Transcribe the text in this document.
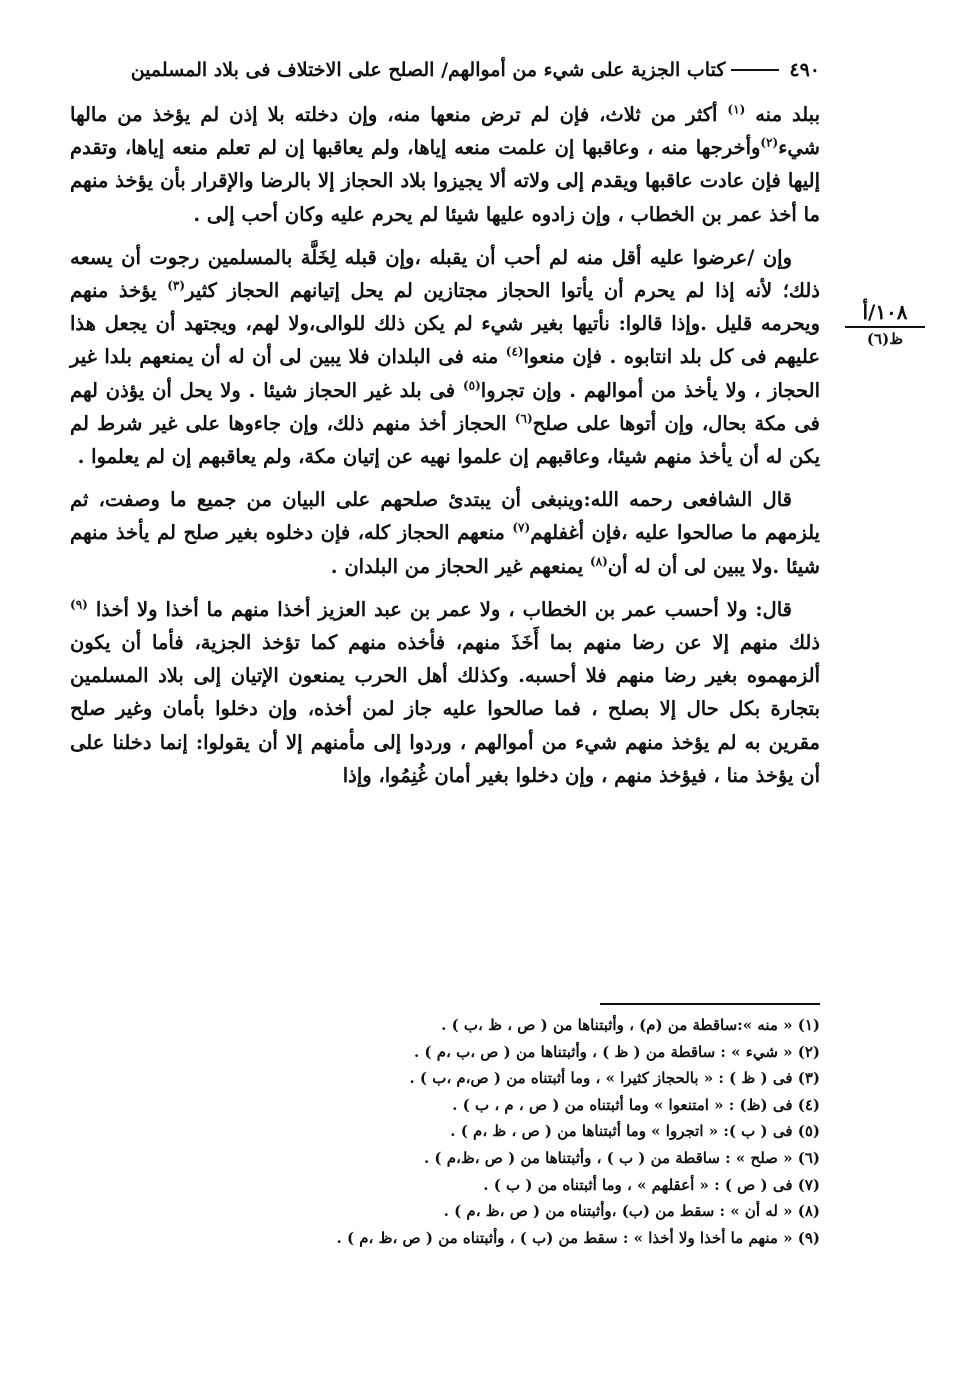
٤٩٠
كتاب الجزية على شيء من أموالهم/ الصلح على الاختلاف فى بلاد المسلمين
١٠٨/أ
ظ(٦)
ببلد منه $^{(١)}$ أكثر من ثلاث، فإن لم ترض منعها منه، وإن دخلته بلا إذن لم يؤخذ من مالها شيء$^{(٢)}$وأخرجها منه ، وعاقبها إن علمت منعه إياها، ولم يعاقبها إن لم تعلم منعه إياها، وتقدم إليها فإن عادت عاقبها ويقدم إلى ولاته ألا يجيزوا بلاد الحجاز إلا بالرضا والإقرار بأن يؤخذ منهم ما أخذ عمر بن الخطاب ، وإن زادوه عليها شيئا لم يحرم عليه وكان أحب إلى .
وإن /عرضوا عليه أقل منه لم أحب أن يقبله ،وإن قبله لِخَلَّة بالمسلمين رجوت أن يسعه ذلك؛ لأنه إذا لم يحرم أن يأتوا الحجاز مجتازين لم يحل إتيانهم الحجاز كثير$^{(٣)}$ يؤخذ منهم ويحرمه قليل .وإذا قالوا: نأتيها بغير شيء لم يكن ذلك للوالى،ولا لهم، ويجتهد أن يجعل هذا عليهم فى كل بلد انتابوه . فإن منعوا$^{(٤)}$ منه فى البلدان فلا يبين لى أن له أن يمنعهم بلدا غير الحجاز ، ولا يأخذ من أموالهم . وإن تجروا$^{(٥)}$ فى بلد غير الحجاز شيئا . ولا يحل أن يؤذن لهم فى مكة بحال، وإن أتوها على صلح$^{(٦)}$ الحجاز أخذ منهم ذلك، وإن جاءوها على غير شرط لم يكن له أن يأخذ منهم شيئا، وعاقبهم إن علموا نهيه عن إتيان مكة، ولم يعاقبهم إن لم يعلموا .
قال الشافعى رحمه الله:وينبغى أن يبتدئ صلحهم على البيان من جميع ما وصفت، ثم يلزمهم ما صالحوا عليه ،فإن أغفلهم$^{(٧)}$ منعهم الحجاز كله، فإن دخلوه بغير صلح لم يأخذ منهم شيئا .ولا يبين لى أن له أن$^{(٨)}$ يمنعهم غير الحجاز من البلدان .
قال: ولا أحسب عمر بن الخطاب ، ولا عمر بن عبد العزيز أخذا منهم ما أخذا ولا أخذا $^{(٩)}$ ذلك منهم إلا عن رضا منهم بما أَخَذَ منهم، فأخذه منهم كما تؤخذ الجزية، فأما أن يكون ألزمهموه بغير رضا منهم فلا أحسبه. وكذلك أهل الحرب يمنعون الإتيان إلى بلاد المسلمين بتجارة بكل حال إلا بصلح ، فما صالحوا عليه جاز لمن أخذه، وإن دخلوا بأمان وغير صلح مقرين به لم يؤخذ منهم شيء من أموالهم ، وردوا إلى مأمنهم إلا أن يقولوا: إنما دخلنا على أن يؤخذ منا ، فيؤخذ منهم ، وإن دخلوا بغير أمان غُنِمُوا، وإذا
(١) « منه »:ساقطة من (م) ، وأثبتناها من ( ص ، ظ ،ب ) .
(٢) « شيء » : ساقطة من ( ظ ) ، وأثبتناها من ( ص ،ب ،م ) .
(٣) فى ( ظ ) : « بالحجاز كثيرا » ، وما أثبتناه من ( ص،م ،ب ) .
(٤) فى (ظ) : « امتنعوا » وما أثبتناه من ( ص ، م ، ب ) .
(٥) فى ( ب ): « اتجروا » وما أثبتناها من ( ص ، ظ ،م ) .
(٦) « صلح » : ساقطة من ( ب ) ، وأثبتناها من ( ص ،ظ،م ) .
(٧) فى ( ص ) : « أعقلهم » ، وما أثبتناه من ( ب ) .
(٨) « له أن » : سقط من (ب) ،وأثبتناه من ( ص ،ظ ،م ) .
(٩) « منهم ما أخذا ولا أخذا » : سقط من (ب ) ، وأثبتناه من ( ص ،ظ ،م ) .
